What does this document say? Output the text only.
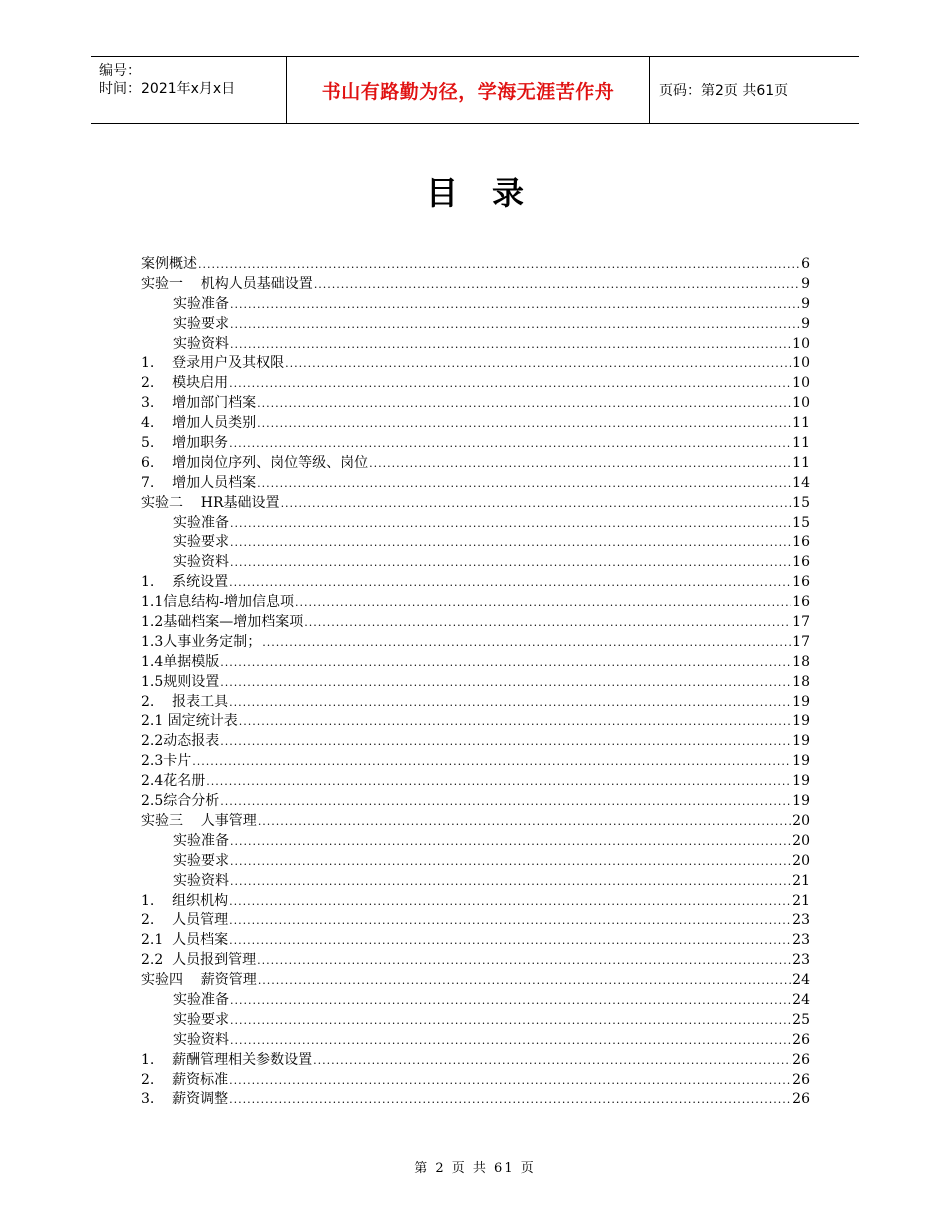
编号：
时间：2021年x月x日	书山有路勤为径，学海无涯苦作舟	页码：第2页 共61页
目录
案例概述 .....	6
实验一    机构人员基础设置 .....	9
实验准备 .....	9
实验要求 .....	9
实验资料 .....	10
1.    登录用户及其权限 .....	10
2.    模块启用 .....	10
3.    增加部门档案 .....	10
4.    增加人员类别 .....	11
5.    增加职务 .....	11
6.    增加岗位序列、岗位等级、岗位 .....	11
7.    增加人员档案 .....	14
实验二    HR基础设置 .....	15
实验准备 .....	15
实验要求 .....	16
实验资料 .....	16
1.    系统设置 .....	16
1.1信息结构-增加信息项 .....	16
1.2基础档案—增加档案项 .....	17
1.3人事业务定制； .....	17
1.4单据模版 .....	18
1.5规则设置 .....	18
2.    报表工具 .....	19
2.1 固定统计表 .....	19
2.2动态报表 .....	19
2.3卡片 .....	19
2.4花名册 .....	19
2.5综合分析 .....	19
实验三    人事管理 .....	20
实验准备 .....	20
实验要求 .....	20
实验资料 .....	21
1.    组织机构 .....	21
2.    人员管理 .....	23
2.1  人员档案 .....	23
2.2  人员报到管理 .....	23
实验四    薪资管理 .....	24
实验准备 .....	24
实验要求 .....	25
实验资料 .....	26
1.    薪酬管理相关参数设置 .....	26
2.    薪资标准 .....	26
3.    薪资调整 .....	26
第 2 页 共 61 页
